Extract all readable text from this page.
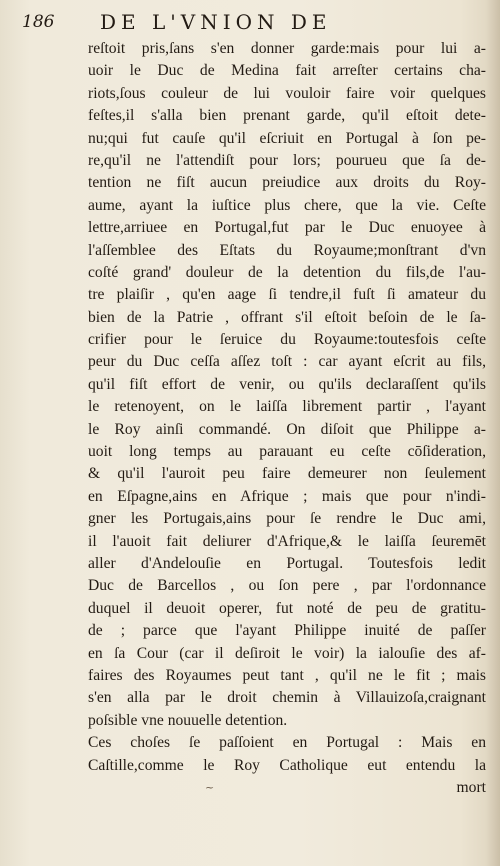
186 DE L'VNION DE
reſtoit pris,ſans s'en donner garde:mais pour lui a-
uoir le Duc de Medina fait arreſter certains cha-
riots,ſous couleur de lui vouloir faire voir quelques
feſtes,il s'alla bien prenant garde, qu'il eſtoit dete-
nu;qui fut cauſe qu'il eſcriuit en Portugal à ſon pe-
re,qu'il ne l'attendiſt pour lors; pourueu que ſa de-
tention ne fiſt aucun preiudice aux droits du Roy-
aume, ayant la iuſtice plus chere, que la vie. Ceſte
lettre,arriuee en Portugal,fut par le Duc enuoyee à
l'aſſemblee des Eſtats du Royaume;monſtrant d'vn
coſté grand' douleur de la detention du fils,de l'au-
tre plaiſir , qu'en aage ſi tendre,il fuſt ſi amateur du
bien de la Patrie , offrant s'il eſtoit beſoin de le ſa-
crifier pour le ſeruice du Royaume:toutesfois ceſte
peur du Duc ceſſa aſſez toſt : car ayant eſcrit au fils,
qu'il fiſt effort de venir, ou qu'ils declaraſſent qu'ils
le retenoyent, on le laiſſa librement partir , l'ayant
le Roy ainſi commandé. On diſoit que Philippe a-
uoit long temps au parauant eu ceſte cōſideration,
& qu'il l'auroit peu faire demeurer non ſeulement
en Eſpagne,ains en Afrique ; mais que pour n'indi-
gner les Portugais,ains pour ſe rendre le Duc ami,
il l'auoit fait deliurer d'Afrique,& le laiſſa ſeuremēt
aller d'Andelouſie en Portugal. Toutesfois ledit
Duc de Barcellos , ou ſon pere , par l'ordonnance
duquel il deuoit operer, fut noté de peu de gratitu-
de ; parce que l'ayant Philippe inuité de paſſer
en ſa Cour (car il deſiroit le voir) la ialouſie des af-
faires des Royaumes peut tant , qu'il ne le fit ; mais
s'en alla par le droit chemin à Villauizoſa,craignant
poſsible vne nouuelle detention.
Ces choſes ſe paſſoient en Portugal : Mais en
Caſtille,comme le Roy Catholique eut entendu la
mort
~
